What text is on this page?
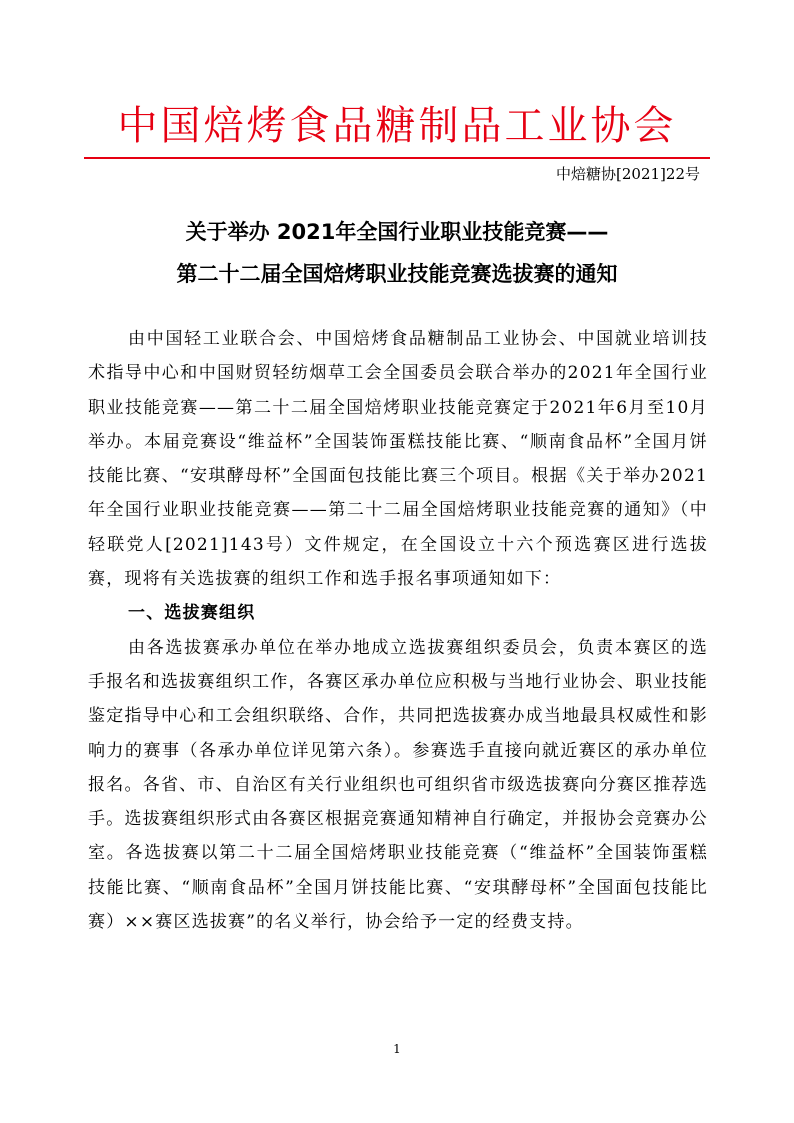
中国焙烤食品糖制品工业协会
中焙糖协[2021]22号
关于举办 2021年全国行业职业技能竞赛——
第二十二届全国焙烤职业技能竞赛选拔赛的通知

由中国轻工业联合会、中国焙烤食品糖制品工业协会、中国就业培训技术指导中心和中国财贸轻纺烟草工会全国委员会联合举办的2021年全国行业职业技能竞赛——第二十二届全国焙烤职业技能竞赛定于2021年6月至10月举办。本届竞赛设“维益杯”全国装饰蛋糕技能比赛、“顺南食品杯”全国月饼技能比赛、“安琪酵母杯”全国面包技能比赛三个项目。根据《关于举办2021年全国行业职业技能竞赛——第二十二届全国焙烤职业技能竞赛的通知》（中轻联党人[2021]143号）文件规定，在全国设立十六个预选赛区进行选拔赛，现将有关选拔赛的组织工作和选手报名事项通知如下：

一、选拔赛组织

由各选拔赛承办单位在举办地成立选拔赛组织委员会，负责本赛区的选手报名和选拔赛组织工作，各赛区承办单位应积极与当地行业协会、职业技能鉴定指导中心和工会组织联络、合作，共同把选拔赛办成当地最具权威性和影响力的赛事（各承办单位详见第六条）。参赛选手直接向就近赛区的承办单位报名。各省、市、自治区有关行业组织也可组织省市级选拔赛向分赛区推荐选手。选拔赛组织形式由各赛区根据竞赛通知精神自行确定，并报协会竞赛办公室。各选拔赛以第二十二届全国焙烤职业技能竞赛（“维益杯”全国装饰蛋糕技能比赛、“顺南食品杯”全国月饼技能比赛、“安琪酵母杯”全国面包技能比赛）××赛区选拔赛”的名义举行，协会给予一定的经费支持。

1
